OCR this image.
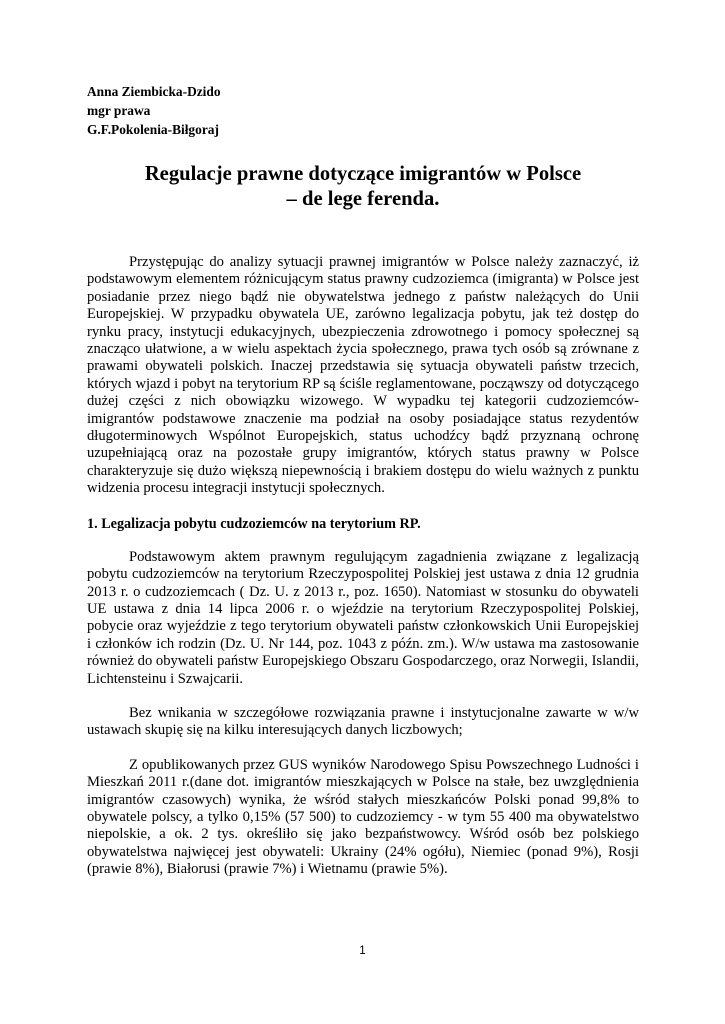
Anna Ziembicka-Dzido
mgr prawa
G.F.Pokolenia-Biłgoraj
Regulacje prawne dotyczące imigrantów w Polsce
– de lege ferenda.

Przystępując do analizy sytuacji prawnej imigrantów w Polsce należy zaznaczyć, iż podstawowym elementem różnicującym status prawny cudzoziemca (imigranta) w Polsce jest posiadanie przez niego bądź nie obywatelstwa jednego z państw należących do Unii Europejskiej. W przypadku obywatela UE, zarówno legalizacja pobytu, jak też dostęp do rynku pracy, instytucji edukacyjnych, ubezpieczenia zdrowotnego i pomocy społecznej są znacząco ułatwione, a w wielu aspektach życia społecznego, prawa tych osób są zrównane z prawami obywateli polskich. Inaczej przedstawia się sytuacja obywateli państw trzecich, których wjazd i pobyt na terytorium RP są ściśle reglamentowane, począwszy od dotyczącego dużej części z nich obowiązku wizowego. W wypadku tej kategorii cudzoziemców-imigrantów podstawowe znaczenie ma podział na osoby posiadające status rezydentów długoterminowych Wspólnot Europejskich, status uchodźcy bądź przyznaną ochronę uzupełniającą oraz na pozostałe grupy imigrantów, których status prawny w Polsce charakteryzuje się dużo większą niepewnością i brakiem dostępu do wielu ważnych z punktu widzenia procesu integracji instytucji społecznych.

1. Legalizacja pobytu cudzoziemców na terytorium RP.

Podstawowym aktem prawnym regulującym zagadnienia związane z legalizacją pobytu cudzoziemców na terytorium Rzeczypospolitej Polskiej jest ustawa z dnia 12 grudnia 2013 r. o cudzoziemcach ( Dz. U. z 2013 r., poz. 1650). Natomiast w stosunku do obywateli UE ustawa z dnia 14 lipca 2006 r. o wjeździe na terytorium Rzeczypospolitej Polskiej, pobycie oraz wyjeździe z tego terytorium obywateli państw członkowskich Unii Europejskiej i członków ich rodzin (Dz. U. Nr 144, poz. 1043 z późn. zm.). W/w ustawa ma zastosowanie również do obywateli państw Europejskiego Obszaru Gospodarczego, oraz Norwegii, Islandii, Lichtensteinu i Szwajcarii.

Bez wnikania w szczegółowe rozwiązania prawne i instytucjonalne zawarte w w/w ustawach skupię się na kilku interesujących danych liczbowych;

Z opublikowanych przez GUS wyników Narodowego Spisu Powszechnego Ludności i Mieszkań 2011 r.(dane dot. imigrantów mieszkających w Polsce na stałe, bez uwzględnienia imigrantów czasowych) wynika, że wśród stałych mieszkańców Polski ponad 99,8% to obywatele polscy, a tylko 0,15% (57 500) to cudzoziemcy - w tym 55 400 ma obywatelstwo niepolskie, a ok. 2 tys. określiło się jako bezpaństwowcy. Wśród osób bez polskiego obywatelstwa najwięcej jest obywateli: Ukrainy (24% ogółu), Niemiec (ponad 9%), Rosji (prawie 8%), Białorusi (prawie 7%) i Wietnamu (prawie 5%).

1
